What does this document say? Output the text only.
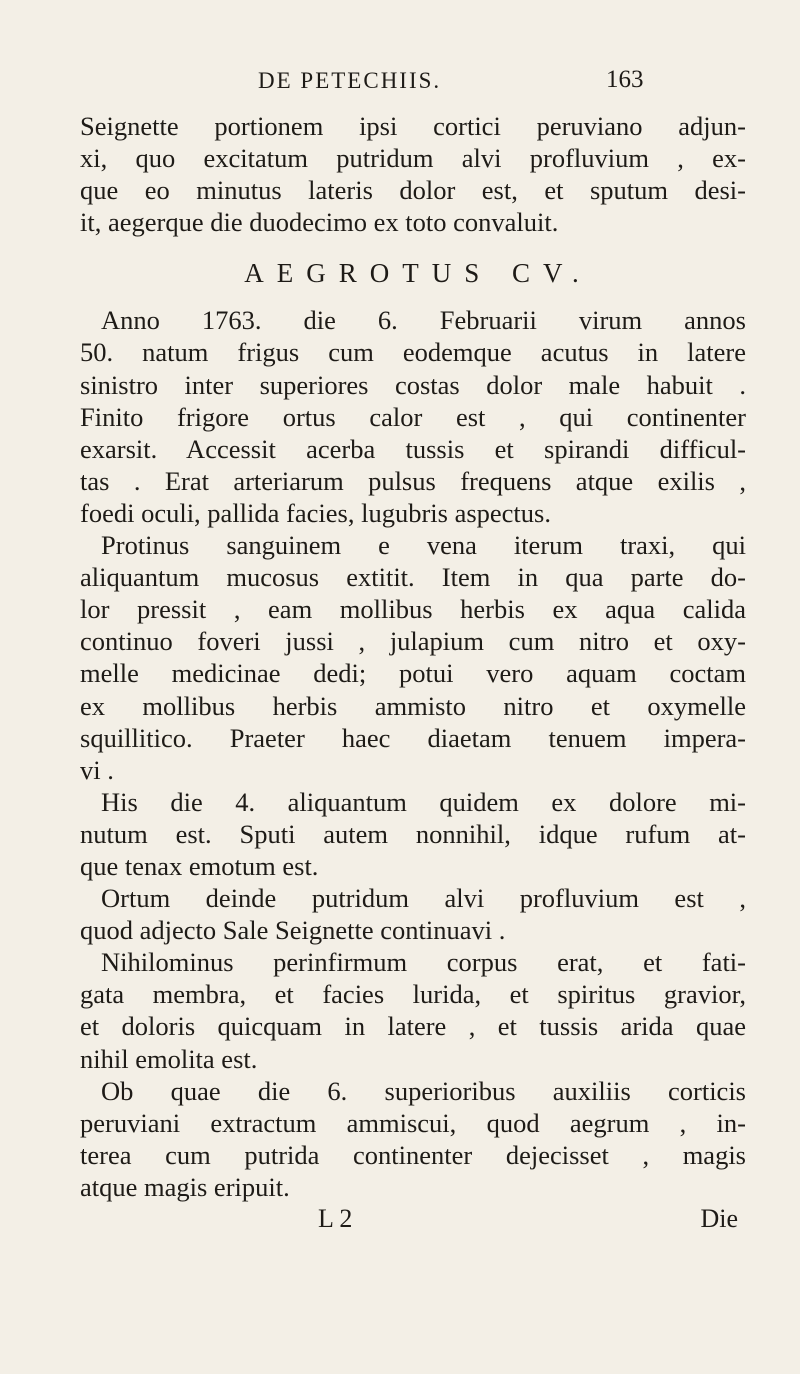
DE PETECHIIS.	163
Seignette portionem ipsi cortici peruviano adjun-
xi, quo excitatum putridum alvi profluvium , ex-
que eo minutus lateris dolor est, et sputum desi-
it, aegerque die duodecimo ex toto convaluit.
AEGROTUS CV.
Anno 1763. die 6. Februarii virum annos
50. natum frigus cum eodemque acutus in latere
sinistro inter superiores costas dolor male habuit .
Finito frigore ortus calor est , qui continenter
exarsit. Accessit acerba tussis et spirandi difficul-
tas . Erat arteriarum pulsus frequens atque exilis ,
foedi oculi, pallida facies, lugubris aspectus.
Protinus sanguinem e vena iterum traxi, qui
aliquantum mucosus extitit. Item in qua parte do-
lor pressit , eam mollibus herbis ex aqua calida
continuo foveri jussi , julapium cum nitro et oxy-
melle medicinae dedi; potui vero aquam coctam
ex mollibus herbis ammisto nitro et oxymelle
squillitico. Praeter haec diaetam tenuem impera-
vi .
His die 4. aliquantum quidem ex dolore mi-
nutum est. Sputi autem nonnihil, idque rufum at-
que tenax emotum est.
Ortum deinde putridum alvi profluvium est ,
quod adjecto Sale Seignette continuavi .
Nihilominus perinfirmum corpus erat, et fati-
gata membra, et facies lurida, et spiritus gravior,
et doloris quicquam in latere , et tussis arida quae
nihil emolita est.
Ob quae die 6. superioribus auxiliis corticis
peruviani extractum ammiscui, quod aegrum , in-
terea cum putrida continenter dejecisset , magis
atque magis eripuit.
L 2	Die
